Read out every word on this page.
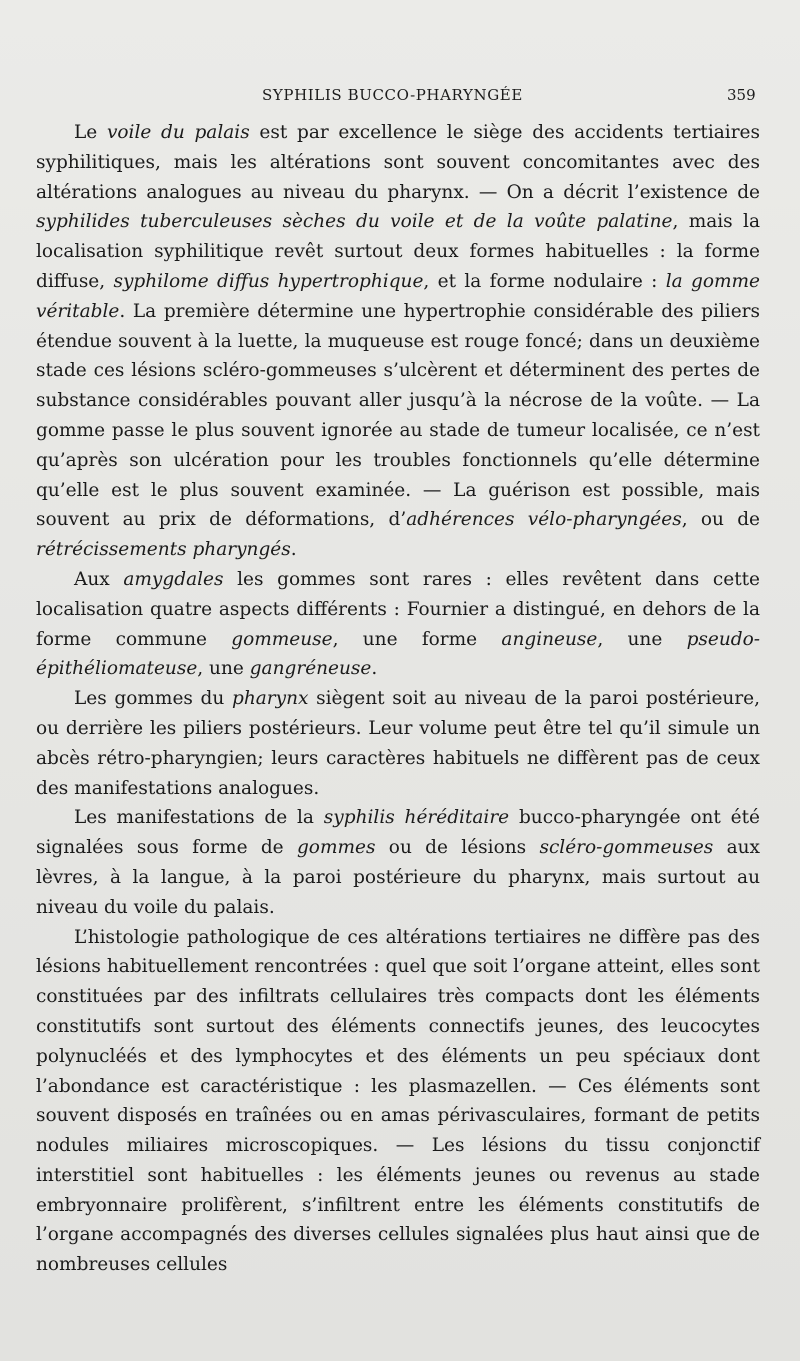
SYPHILIS BUCCO-PHARYNGÉE	359

Le voile du palais est par excellence le siège des accidents tertiaires syphilitiques, mais les altérations sont souvent concomitantes avec des altérations analogues au niveau du pharynx. — On a décrit l’existence de syphilides tuberculeuses sèches du voile et de la voûte palatine, mais la localisation syphilitique revêt surtout deux formes habituelles : la forme diffuse, syphilome diffus hypertrophique, et la forme nodulaire : la gomme véritable. La première détermine une hypertrophie considérable des piliers étendue souvent à la luette, la muqueuse est rouge foncé; dans un deuxième stade ces lésions scléro-gommeuses s’ulcèrent et déterminent des pertes de substance considérables pouvant aller jusqu’à la nécrose de la voûte. — La gomme passe le plus souvent ignorée au stade de tumeur localisée, ce n’est qu’après son ulcération pour les troubles fonctionnels qu’elle détermine qu’elle est le plus souvent examinée. — La guérison est possible, mais souvent au prix de déformations, d’adhérences vélo-pharyngées, ou de rétrécissements pharyngés.

Aux amygdales les gommes sont rares : elles revêtent dans cette localisation quatre aspects différents : Fournier a distingué, en dehors de la forme commune gommeuse, une forme angineuse, une pseudo-épithéliomateuse, une gangréneuse.

Les gommes du pharynx siègent soit au niveau de la paroi postérieure, ou derrière les piliers postérieurs. Leur volume peut être tel qu’il simule un abcès rétro-pharyngien; leurs caractères habituels ne diffèrent pas de ceux des manifestations analogues.

Les manifestations de la syphilis héréditaire bucco-pharyngée ont été signalées sous forme de gommes ou de lésions scléro-gommeuses aux lèvres, à la langue, à la paroi postérieure du pharynx, mais surtout au niveau du voile du palais.

L’histologie pathologique de ces altérations tertiaires ne diffère pas des lésions habituellement rencontrées : quel que soit l’organe atteint, elles sont constituées par des infiltrats cellulaires très compacts dont les éléments constitutifs sont surtout des éléments connectifs jeunes, des leucocytes polynucléés et des lymphocytes et des éléments un peu spéciaux dont l’abondance est caractéristique : les plasmazellen. — Ces éléments sont souvent disposés en traînées ou en amas périvasculaires, formant de petits nodules miliaires microscopiques. — Les lésions du tissu conjonctif interstitiel sont habituelles : les éléments jeunes ou revenus au stade embryonnaire prolifèrent, s’infiltrent entre les éléments constitutifs de l’organe accompagnés des diverses cellules signalées plus haut ainsi que de nombreuses cellules
